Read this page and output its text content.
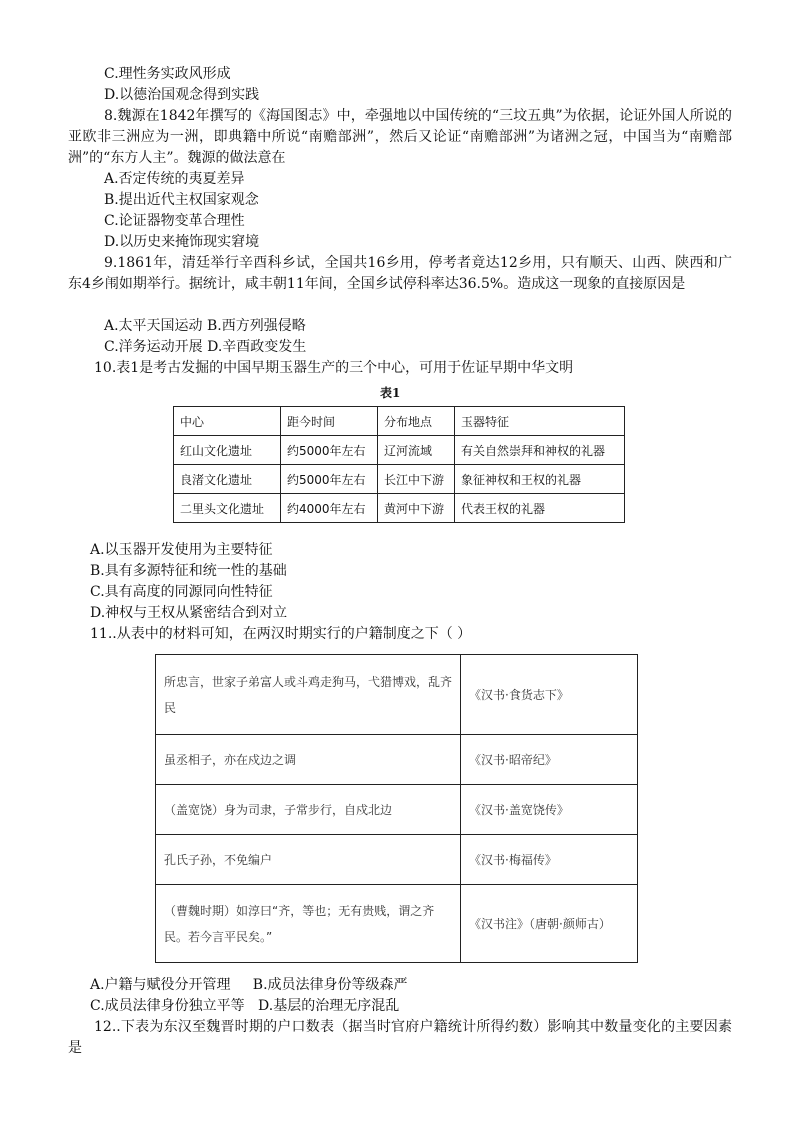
C.理性务实政风形成
D.以德治国观念得到实践
8.魏源在1842年撰写的《海国图志》中，牵强地以中国传统的“三坟五典”为依据，论证外国人所说的亚欧非三洲应为一洲，即典籍中所说“南赡部洲”，然后又论证“南赡部洲”为诸洲之冠，中国当为“南赡部洲”的“东方人主”。魏源的做法意在
A.否定传统的夷夏差异
B.提出近代主权国家观念
C.论证器物变革合理性
D.以历史来掩饰现实窘境
9.1861年，清廷举行辛酉科乡试，全国共16乡用，停考者竟达12乡用，只有顺天、山西、陕西和广东4乡闱如期举行。据统计，咸丰朝11年间，全国乡试停科率达36.5%。造成这一现象的直接原因是
A.太平天国运动 B.西方列强侵略
C.洋务运动开展 D.辛酉政变发生
10.表1是考古发掘的中国早期玉器生产的三个中心，可用于佐证早期中华文明
表1
中心	距今时间	分布地点	玉器特征
红山文化遗址	约5000年左右	辽河流域	有关自然崇拜和神权的礼器
良渚文化遗址	约5000年左右	长江中下游	象征神权和王权的礼器
二里头文化遗址	约4000年左右	黄河中下游	代表王权的礼器
A.以玉器开发使用为主要特征
B.具有多源特征和统一性的基础
C.具有高度的同源同向性特征
D.神权与王权从紧密结合到对立
11..从表中的材料可知，在两汉时期实行的户籍制度之下（ ）
所忠言，世家子弟富人或斗鸡走狗马，弋猎博戏，乱齐民	《汉书·食货志下》
虽丞相子，亦在戍边之调	《汉书·昭帝纪》
（盖宽饶）身为司隶，子常步行，自戍北边	《汉书·盖宽饶传》
孔氏子孙，不免编户	《汉书·梅福传》
（曹魏时期）如淳曰“齐，等也；无有贵贱，谓之齐民。若今言平民矣。”	《汉书注》（唐朝·颜师古）
A.户籍与赋役分开管理     B.成员法律身份等级森严
C.成员法律身份独立平等   D.基层的治理无序混乱
12..下表为东汉至魏晋时期的户口数表（据当时官府户籍统计所得约数）影响其中数量变化的主要因素是
